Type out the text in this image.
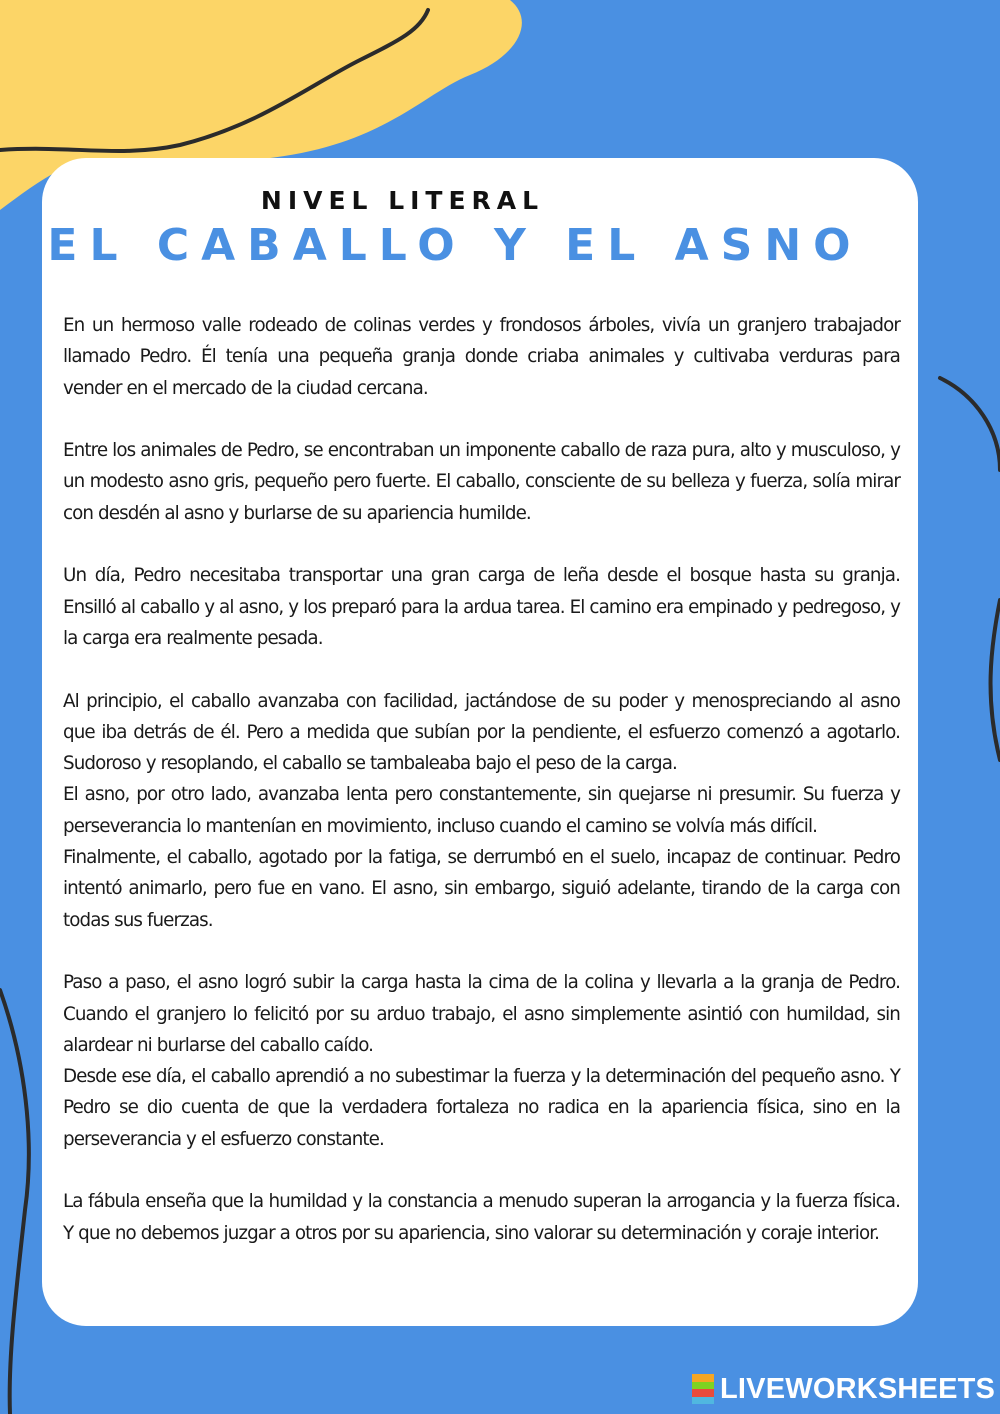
NIVEL LITERAL
EL CABALLO Y EL ASNO

En un hermoso valle rodeado de colinas verdes y frondosos árboles, vivía un granjero trabajador llamado Pedro. Él tenía una pequeña granja donde criaba animales y cultivaba verduras para vender en el mercado de la ciudad cercana.

Entre los animales de Pedro, se encontraban un imponente caballo de raza pura, alto y musculoso, y un modesto asno gris, pequeño pero fuerte. El caballo, consciente de su belleza y fuerza, solía mirar con desdén al asno y burlarse de su apariencia humilde.

Un día, Pedro necesitaba transportar una gran carga de leña desde el bosque hasta su granja. Ensilló al caballo y al asno, y los preparó para la ardua tarea. El camino era empinado y pedregoso, y la carga era realmente pesada.

Al principio, el caballo avanzaba con facilidad, jactándose de su poder y menospreciando al asno que iba detrás de él. Pero a medida que subían por la pendiente, el esfuerzo comenzó a agotarlo. Sudoroso y resoplando, el caballo se tambaleaba bajo el peso de la carga.

El asno, por otro lado, avanzaba lenta pero constantemente, sin quejarse ni presumir. Su fuerza y perseverancia lo mantenían en movimiento, incluso cuando el camino se volvía más difícil.

Finalmente, el caballo, agotado por la fatiga, se derrumbó en el suelo, incapaz de continuar. Pedro intentó animarlo, pero fue en vano. El asno, sin embargo, siguió adelante, tirando de la carga con todas sus fuerzas.

Paso a paso, el asno logró subir la carga hasta la cima de la colina y llevarla a la granja de Pedro. Cuando el granjero lo felicitó por su arduo trabajo, el asno simplemente asintió con humildad, sin alardear ni burlarse del caballo caído.

Desde ese día, el caballo aprendió a no subestimar la fuerza y la determinación del pequeño asno. Y Pedro se dio cuenta de que la verdadera fortaleza no radica en la apariencia física, sino en la perseverancia y el esfuerzo constante.

La fábula enseña que la humildad y la constancia a menudo superan la arrogancia y la fuerza física. Y que no debemos juzgar a otros por su apariencia, sino valorar su determinación y coraje interior.

LIVEWORKSHEETS
